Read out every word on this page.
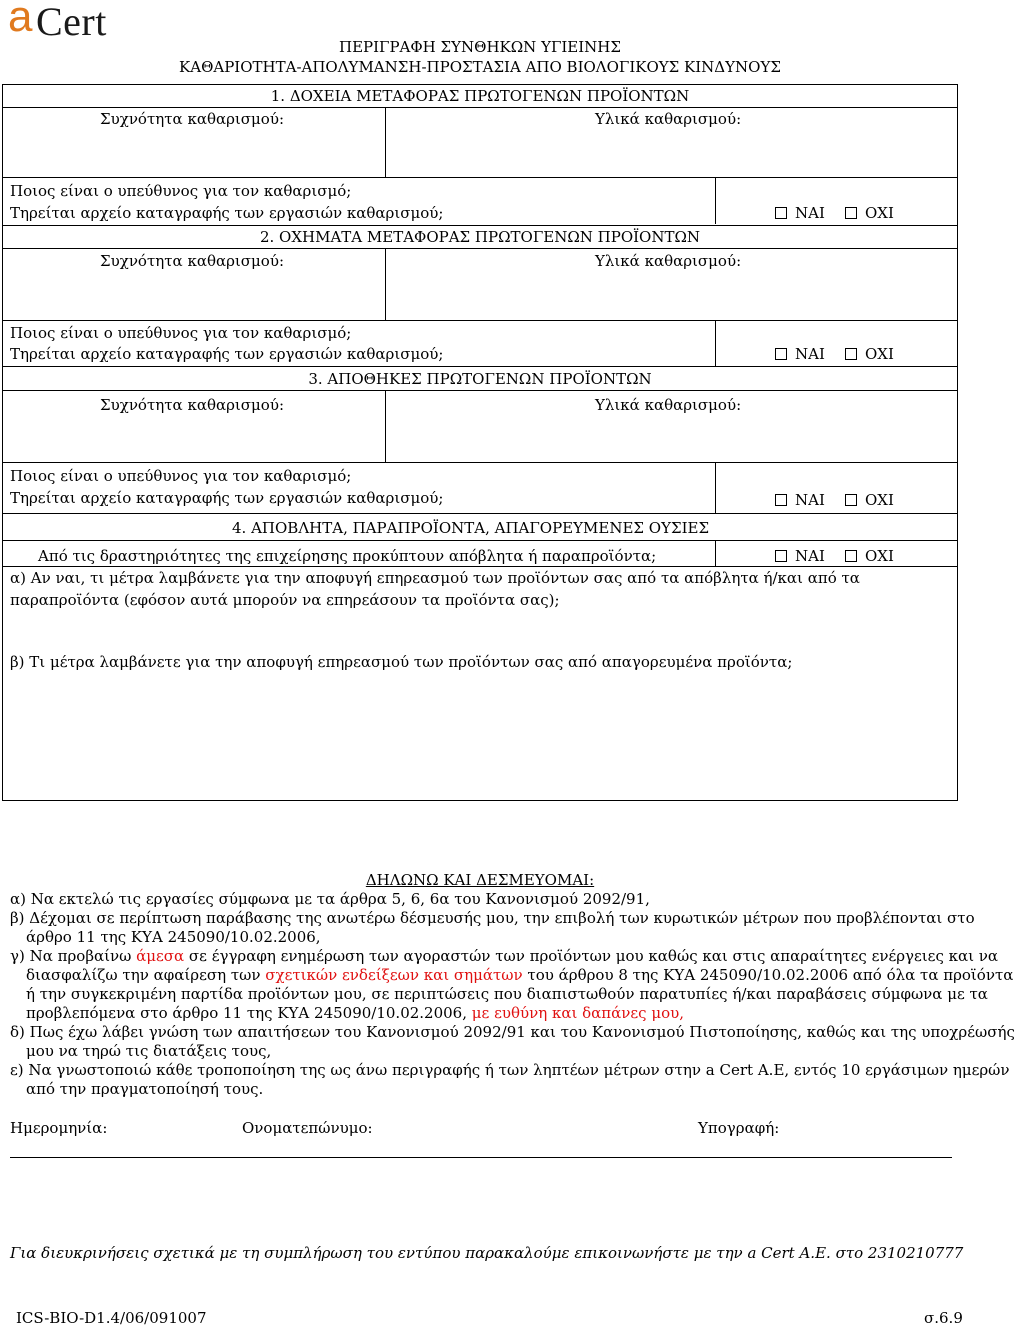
a Cert
ΠΕΡΙΓΡΑΦΗ ΣΥΝΘΗΚΩΝ ΥΓΙΕΙΝΗΣ
ΚΑΘΑΡΙΟΤΗΤΑ-ΑΠΟΛΥΜΑΝΣΗ-ΠΡΟΣΤΑΣΙΑ ΑΠΟ ΒΙΟΛΟΓΙΚΟΥΣ ΚΙΝΔΥΝΟΥΣ
1. ΔΟΧΕΙΑ ΜΕΤΑΦΟΡΑΣ ΠΡΩΤΟΓΕΝΩΝ ΠΡΟΪΟΝΤΩΝ
Συχνότητα καθαρισμού:	Υλικά καθαρισμού:
Ποιος είναι ο υπεύθυνος για τον καθαρισμό;
Τηρείται αρχείο καταγραφής των εργασιών καθαρισμού;	ΝΑΙ	ΟΧΙ
2. ΟΧΗΜΑΤΑ ΜΕΤΑΦΟΡΑΣ ΠΡΩΤΟΓΕΝΩΝ ΠΡΟΪΟΝΤΩΝ
Συχνότητα καθαρισμού:	Υλικά καθαρισμού:
Ποιος είναι ο υπεύθυνος για τον καθαρισμό;
Τηρείται αρχείο καταγραφής των εργασιών καθαρισμού;	ΝΑΙ	ΟΧΙ
3. ΑΠΟΘΗΚΕΣ ΠΡΩΤΟΓΕΝΩΝ ΠΡΟΪΟΝΤΩΝ
Συχνότητα καθαρισμού:	Υλικά καθαρισμού:
Ποιος είναι ο υπεύθυνος για τον καθαρισμό;
Τηρείται αρχείο καταγραφής των εργασιών καθαρισμού;	ΝΑΙ	ΟΧΙ
4. ΑΠΟΒΛΗΤΑ, ΠΑΡΑΠΡΟΪΟΝΤΑ, ΑΠΑΓΟΡΕΥΜΕΝΕΣ ΟΥΣΙΕΣ
Από τις δραστηριότητες της επιχείρησης προκύπτουν απόβλητα ή παραπροϊόντα;	ΝΑΙ	ΟΧΙ
α) Αν ναι, τι μέτρα λαμβάνετε για την αποφυγή επηρεασμού των προϊόντων σας από τα απόβλητα ή/και από τα
παραπροϊόντα (εφόσον αυτά μπορούν να επηρεάσουν τα προϊόντα σας);
β) Τι μέτρα λαμβάνετε για την αποφυγή επηρεασμού των προϊόντων σας από απαγορευμένα προϊόντα;
ΔΗΛΩΝΩ ΚΑΙ ΔΕΣΜΕΥΟΜΑΙ:
α) Να εκτελώ τις εργασίες σύμφωνα με τα άρθρα 5, 6, 6α του Κανονισμού 2092/91,
β) Δέχομαι σε περίπτωση παράβασης της ανωτέρω δέσμευσής μου, την επιβολή των κυρωτικών μέτρων που προβλέπονται στο
άρθρο 11 της ΚΥΑ 245090/10.02.2006,
γ) Να προβαίνω άμεσα σε έγγραφη ενημέρωση των αγοραστών των προϊόντων μου καθώς και στις απαραίτητες ενέργειες και να
διασφαλίζω την αφαίρεση των σχετικών ενδείξεων και σημάτων του άρθρου 8 της ΚΥΑ 245090/10.02.2006 από όλα τα προϊόντα
ή την συγκεκριμένη παρτίδα προϊόντων μου, σε περιπτώσεις που διαπιστωθούν παρατυπίες ή/και παραβάσεις σύμφωνα με τα
προβλεπόμενα στο άρθρο 11 της ΚΥΑ 245090/10.02.2006, με ευθύνη και δαπάνες μου,
δ) Πως έχω λάβει γνώση των απαιτήσεων του Κανονισμού 2092/91 και του Κανονισμού Πιστοποίησης, καθώς και της υποχρέωσής
μου να τηρώ τις διατάξεις τους,
ε) Να γνωστοποιώ κάθε τροποποίηση της ως άνω περιγραφής ή των ληπτέων μέτρων στην a Cert Α.Ε, εντός 10 εργάσιμων ημερών
από την πραγματοποίησή τους.
Ημερομηνία:	Ονοματεπώνυμο:	Υπογραφή:
Για διευκρινήσεις σχετικά με τη συμπλήρωση του εντύπου παρακαλούμε επικοινωνήστε με την a Cert Α.Ε. στο 2310210777
ICS-BIO-D1.4/06/091007	σ.6.9
